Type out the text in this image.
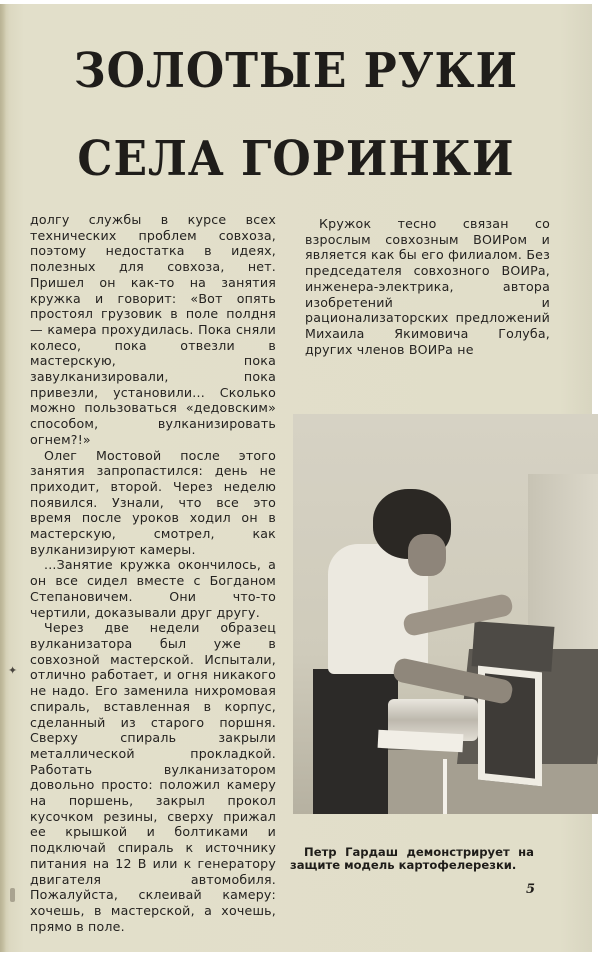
ЗОЛОТЫЕ РУКИ
СЕЛА ГОРИНКИ

долгу службы в курсе всех технических проблем совхоза, поэтому недостатка в идеях, полезных для совхоза, нет. Пришел он как-то на занятия кружка и говорит: «Вот опять простоял грузовик в поле полдня — камера прохудилась. Пока сняли колесо, пока отвезли в мастерскую, пока завулканизировали, пока привезли, установили... Сколько можно пользоваться «дедовским» способом, вулканизировать огнем?!»

Олег Мостовой после этого занятия запропастился: день не приходит, второй. Через неделю появился. Узнали, что все это время после уроков ходил он в мастерскую, смотрел, как вулканизируют камеры.

...Занятие кружка окончилось, а он все сидел вместе с Богданом Степановичем. Они что-то чертили, доказывали друг другу.

Через две недели образец вулканизатора был уже в совхозной мастерской. Испытали, отлично работает, и огня никакого не надо. Его заменила нихромовая спираль, вставленная в корпус, сделанный из старого поршня. Сверху спираль закрыли металлической прокладкой. Работать вулканизатором довольно просто: положил камеру на поршень, закрыл прокол кусочком резины, сверху прижал ее крышкой и болтиками и подключай спираль к источнику питания на 12 В или к генератору двигателя автомобиля. Пожалуйста, склеивай камеру: хочешь, в мастерской, а хочешь, прямо в поле.

Кружок тесно связан со взрослым совхозным ВОИРом и является как бы его филиалом. Без председателя совхозного ВОИРа, инженера-электрика, автора изобретений и рационализаторских предложений Михаила Якимовича Голуба, других членов ВОИРа не

Петр Гардаш демонстрирует на
защите модель картофелерезки.
5
✦
